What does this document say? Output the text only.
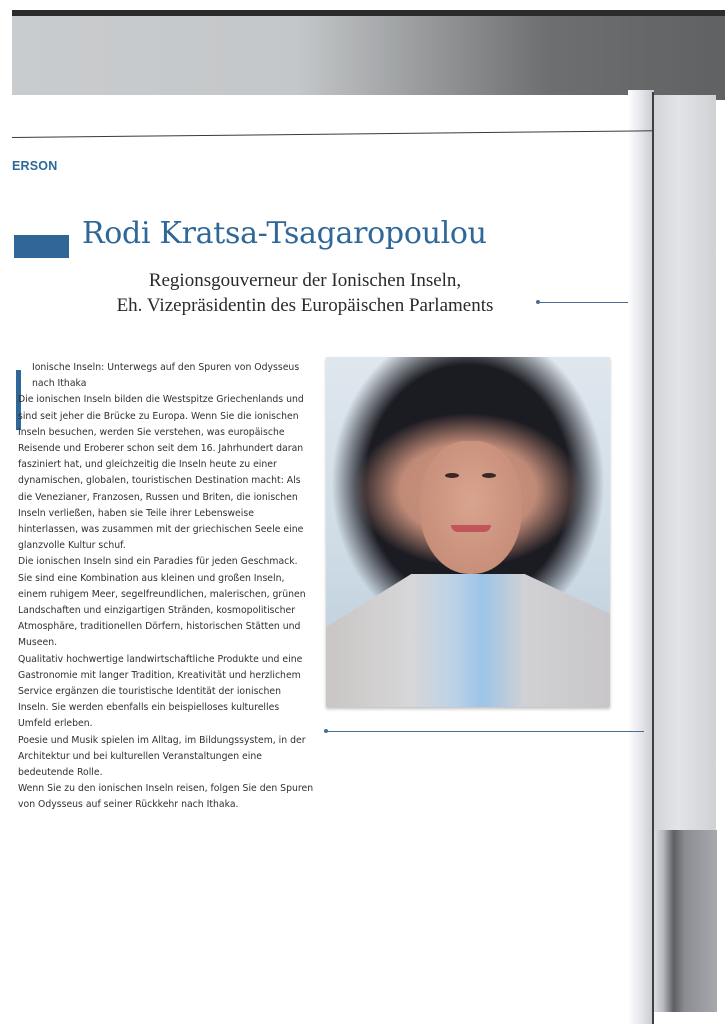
ERSON
Rodi Kratsa-Tsagaropoulou
Regionsgouverneur der Ionischen Inseln,
Eh. Vizepräsidentin des Europäischen Parlaments

Ionische Inseln: Unterwegs auf den Spuren von Odysseus nach Ithaka

Die ionischen Inseln bilden die Westspitze Griechenlands und sind seit jeher die Brücke zu Europa. Wenn Sie die ionischen Inseln besuchen, werden Sie verstehen, was europäische Reisende und Eroberer schon seit dem 16. Jahrhundert daran fasziniert hat, und gleichzeitig die Inseln heute zu einer dynamischen, globalen, touristischen Destination macht: Als die Venezianer, Franzosen, Russen und Briten, die ionischen Inseln verließen, haben sie Teile ihrer Lebensweise hinterlassen, was zusammen mit der griechischen Seele eine glanzvolle Kultur schuf.

Die ionischen Inseln sind ein Paradies für jeden Geschmack. Sie sind eine Kombination aus kleinen und großen Inseln, einem ruhigem Meer, segelfreundlichen, malerischen, grünen Landschaften und einzigartigen Stränden, kosmopolitischer Atmosphäre, traditionellen Dörfern, historischen Stätten und Museen.

Qualitativ hochwertige landwirtschaftliche Produkte und eine Gastronomie mit langer Tradition, Kreativität und herzlichem Service ergänzen die touristische Identität der ionischen Inseln. Sie werden ebenfalls ein beispielloses kulturelles Umfeld erleben.

Poesie und Musik spielen im Alltag, im Bildungssystem, in der Architektur und bei kulturellen Veranstaltungen eine bedeutende Rolle.

Wenn Sie zu den ionischen Inseln reisen, folgen Sie den Spuren von Odysseus auf seiner Rückkehr nach Ithaka.
